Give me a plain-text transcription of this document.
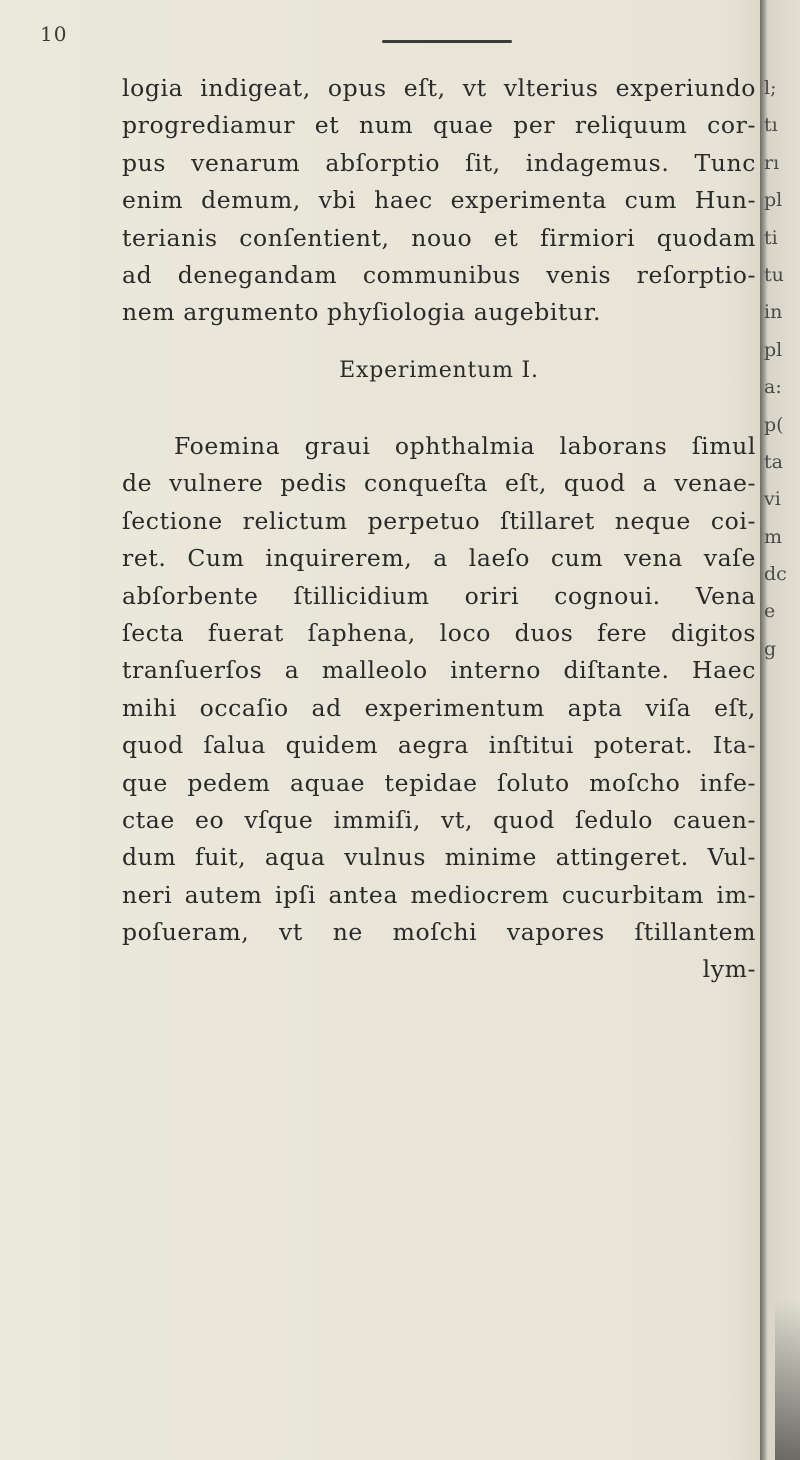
10
logia indigeat, opus eſt, vt vlterius experiundo
progrediamur et num quae per reliquum cor-
pus venarum abſorptio ſit, indagemus. Tunc
enim demum, vbi haec experimenta cum Hun-
terianis conſentient, nouo et firmiori quodam
ad denegandam communibus venis reſorptio-
nem argumento phyſiologia augebitur.
Experimentum I.
Foemina graui ophthalmia laborans ſimul
de vulnere pedis conqueſta eſt, quod a venae-
ſectione relictum perpetuo ſtillaret neque coi-
ret. Cum inquirerem, a laeſo cum vena vaſe
abſorbente ſtillicidium oriri cognoui. Vena
ſecta fuerat ſaphena, loco duos fere digitos
tranſuerſos a malleolo interno diſtante. Haec
mihi occaſio ad experimentum apta viſa eſt,
quod ſalua quidem aegra inſtitui poterat. Ita-
que pedem aquae tepidae ſoluto moſcho infe-
ctae eo vſque immiſi, vt, quod ſedulo cauen-
dum fuit, aqua vulnus minime attingeret. Vul-
neri autem ipſi antea mediocrem cucurbitam im-
poſueram, vt ne moſchi vapores ſtillantem
lym-
l;
tı
rı
pl
ti
tu
in
pl
a:
p(
ta
vi
m
dc
e
g
